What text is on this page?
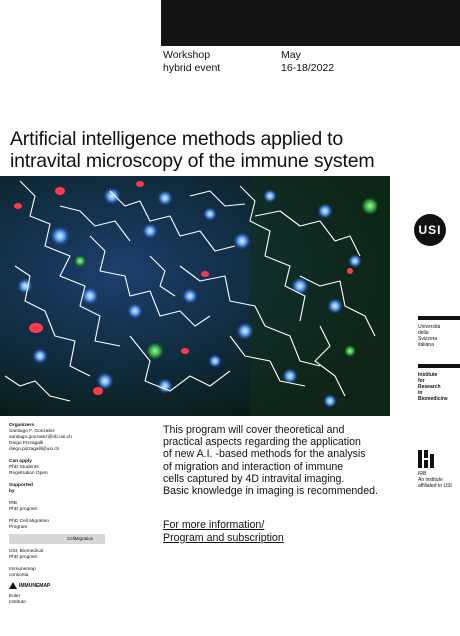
Workshop
hybrid event
May
16-18/2022
Artificial intelligence methods applied to
intravital microscopy of the immune system
USI
Università
della
Svizzera
italiana
Institute
for
Research
in
Biomedicine
IRB
An institute
affiliated to USI
Organizers
Santiago F. Gonzalez
santiago.gonzalez@irb.usi.ch
Diego Pizzagalli
diego.pizzagalli@usi.ch
Can apply
PhD Students
Registration Open
Supported
by
IRB
PhD program
PhD Cell Migration
Program
CellMigration
USI, Biomedical
PhD program
Immunemap
consortia
IMMUNEMAP
Euler
Institute
This program will cover theoretical and
practical aspects regarding the application
of new A.I. -based methods for the analysis
of migration and interaction of immune
cells captured by 4D intravital imaging.
Basic knowledge in imaging is recommended.
For more information/
Program and subscription
